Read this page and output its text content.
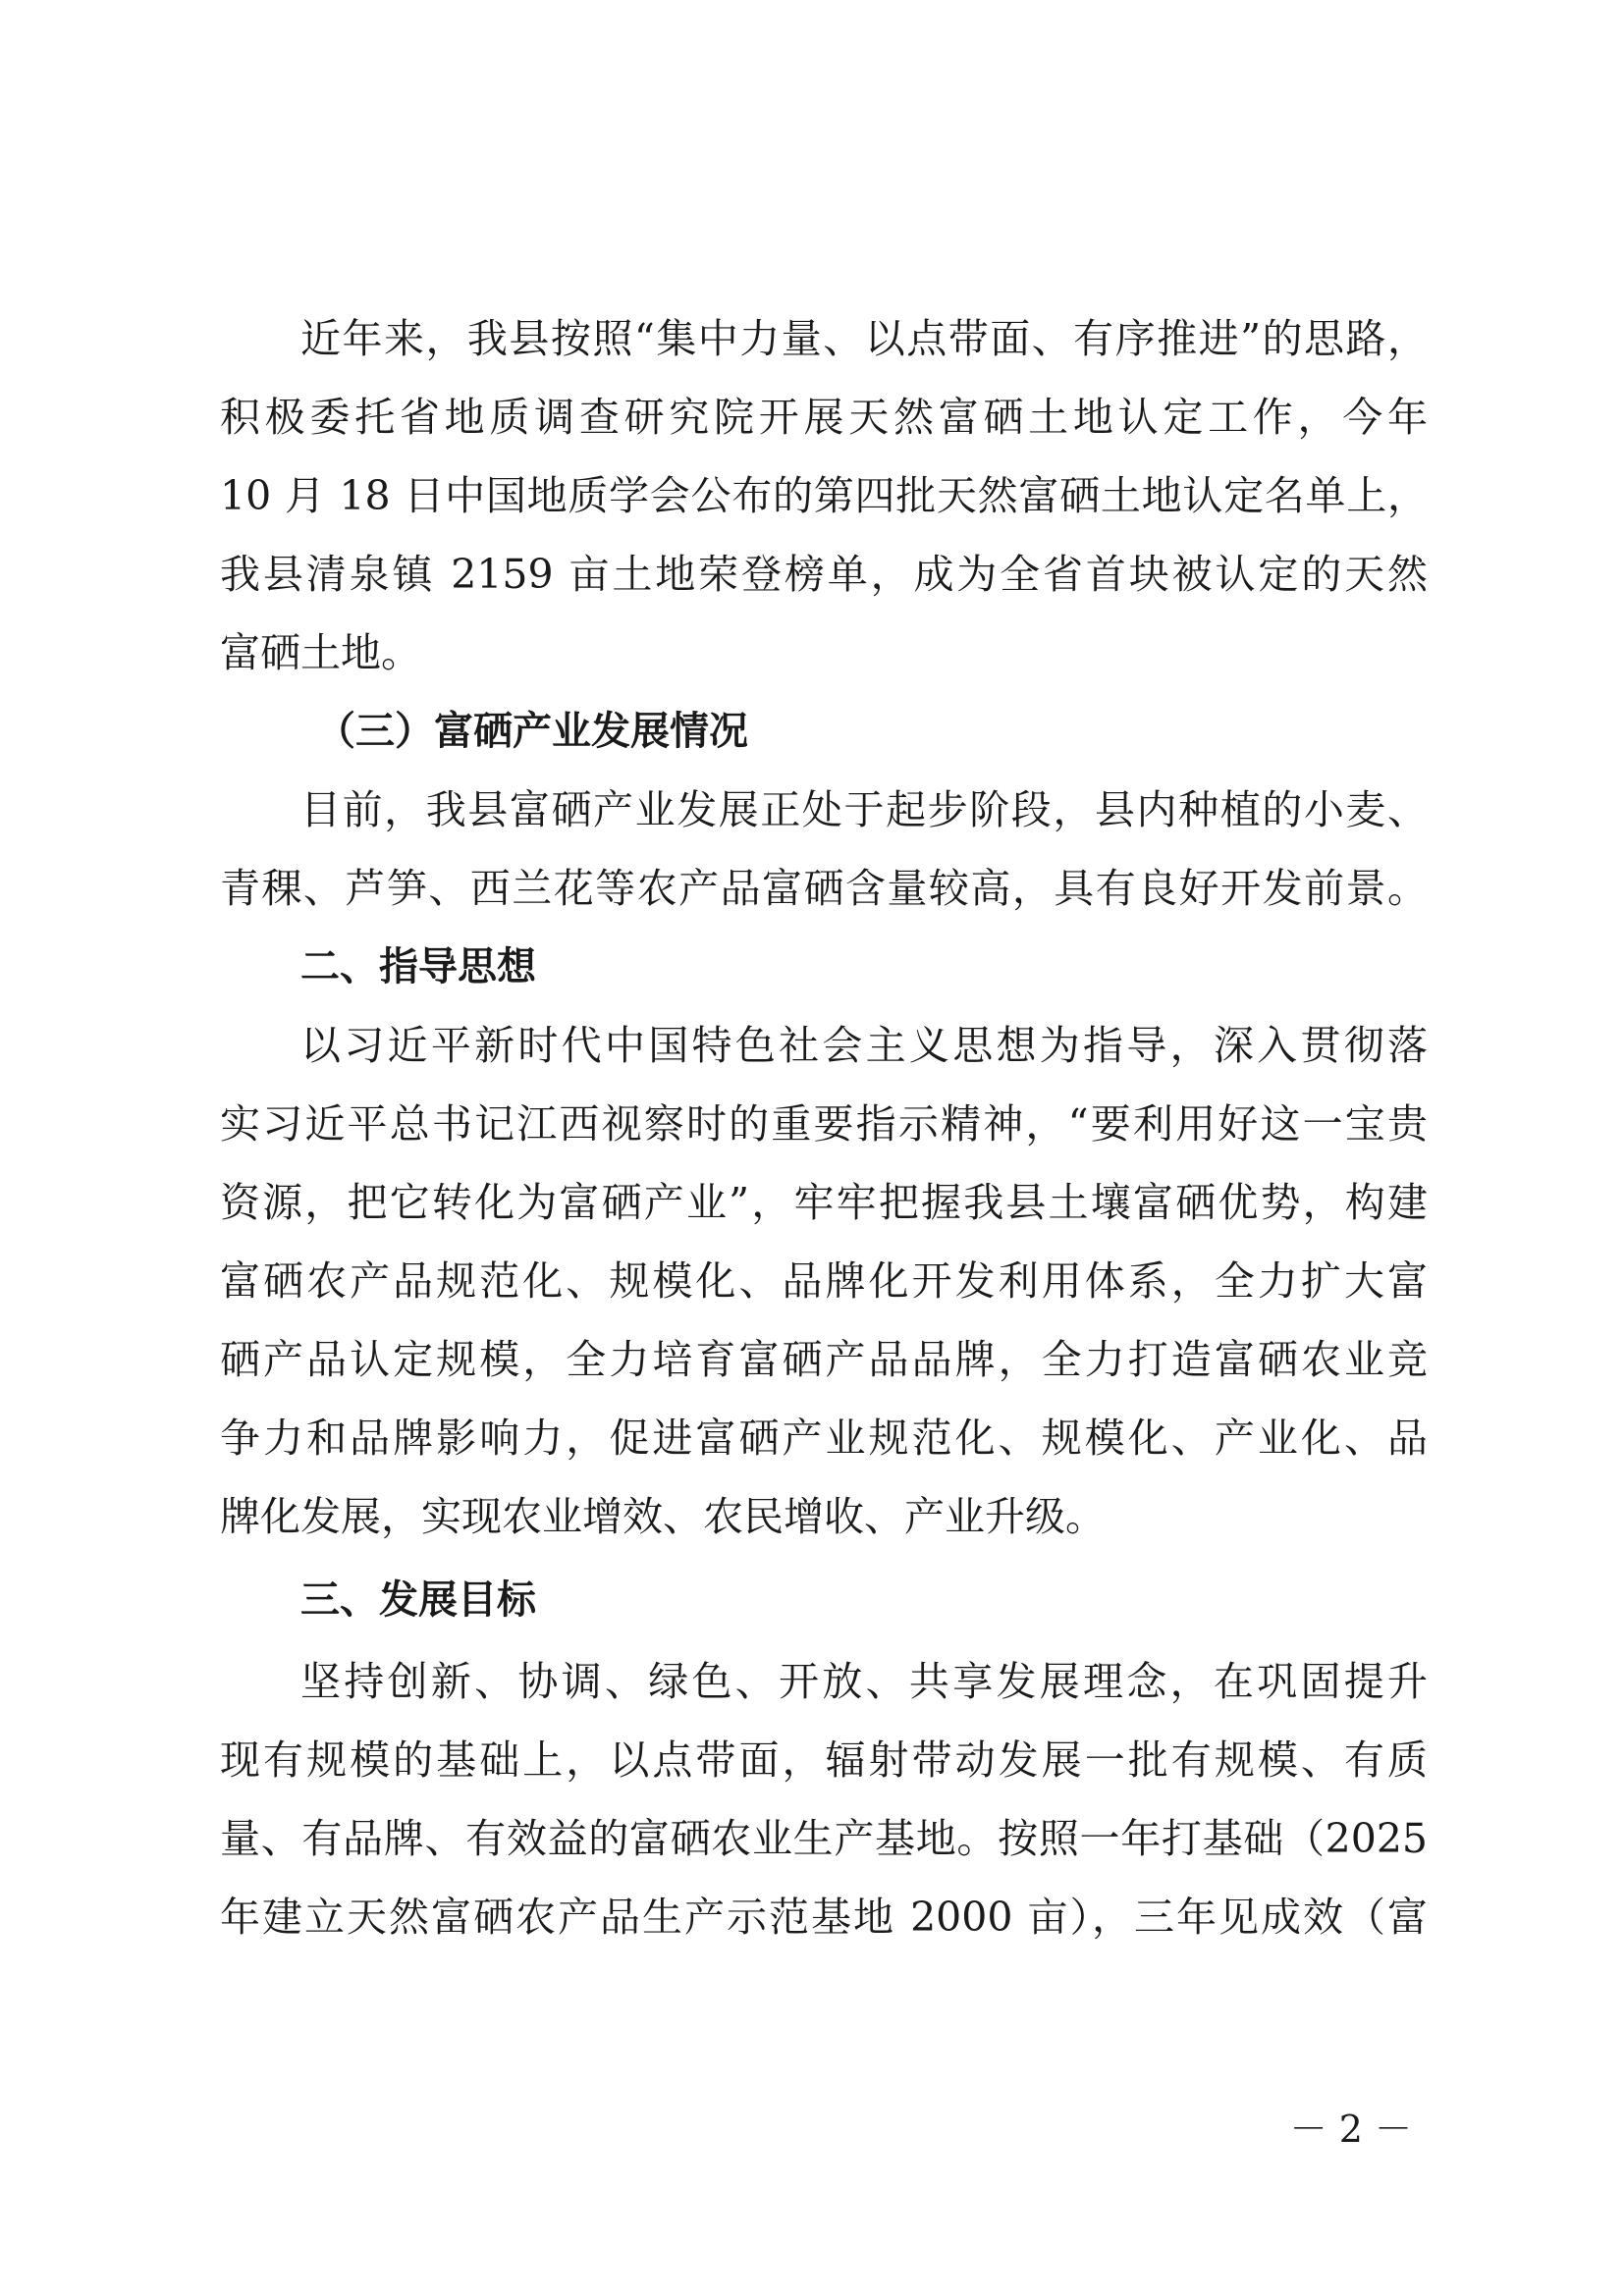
近年来，我县按照“集中力量、以点带面、有序推进”的思路，
积极委托省地质调查研究院开展天然富硒土地认定工作，今年
10 月 18 日中国地质学会公布的第四批天然富硒土地认定名单上，
我县清泉镇 2159 亩土地荣登榜单，成为全省首块被认定的天然
富硒土地。
（三）富硒产业发展情况
目前，我县富硒产业发展正处于起步阶段，县内种植的小麦、
青稞、芦笋、西兰花等农产品富硒含量较高，具有良好开发前景。
二、指导思想
以习近平新时代中国特色社会主义思想为指导，深入贯彻落
实习近平总书记江西视察时的重要指示精神，“要利用好这一宝贵
资源，把它转化为富硒产业”，牢牢把握我县土壤富硒优势，构建
富硒农产品规范化、规模化、品牌化开发利用体系，全力扩大富
硒产品认定规模，全力培育富硒产品品牌，全力打造富硒农业竞
争力和品牌影响力，促进富硒产业规范化、规模化、产业化、品
牌化发展，实现农业增效、农民增收、产业升级。
三、发展目标
坚持创新、协调、绿色、开放、共享发展理念，在巩固提升
现有规模的基础上，以点带面，辐射带动发展一批有规模、有质
量、有品牌、有效益的富硒农业生产基地。按照一年打基础（2025
年建立天然富硒农产品生产示范基地 2000 亩），三年见成效（富
－ 2 －
